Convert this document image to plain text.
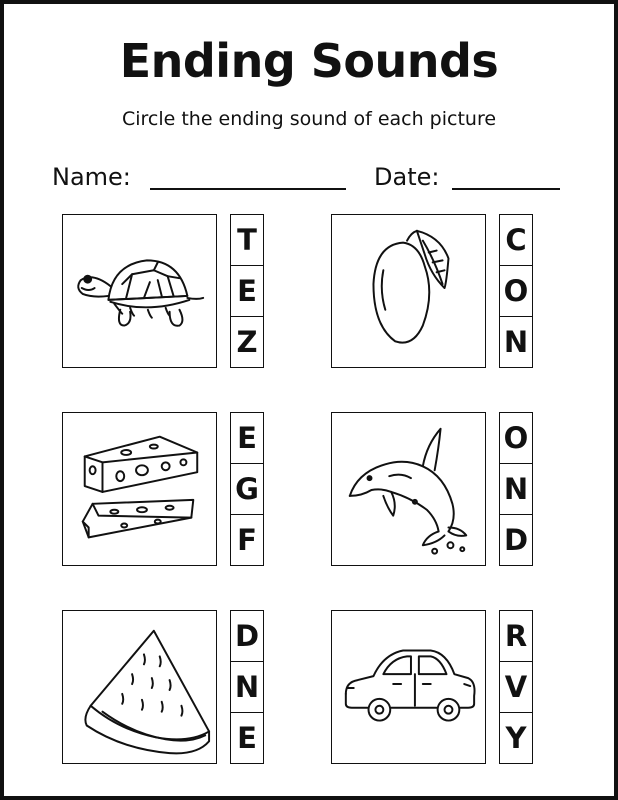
Ending Sounds
Circle the ending sound of each picture
Name:	Date:
T
E
Z
C
O
N
E
G
F
O
N
D
D
N
E
R
V
Y
